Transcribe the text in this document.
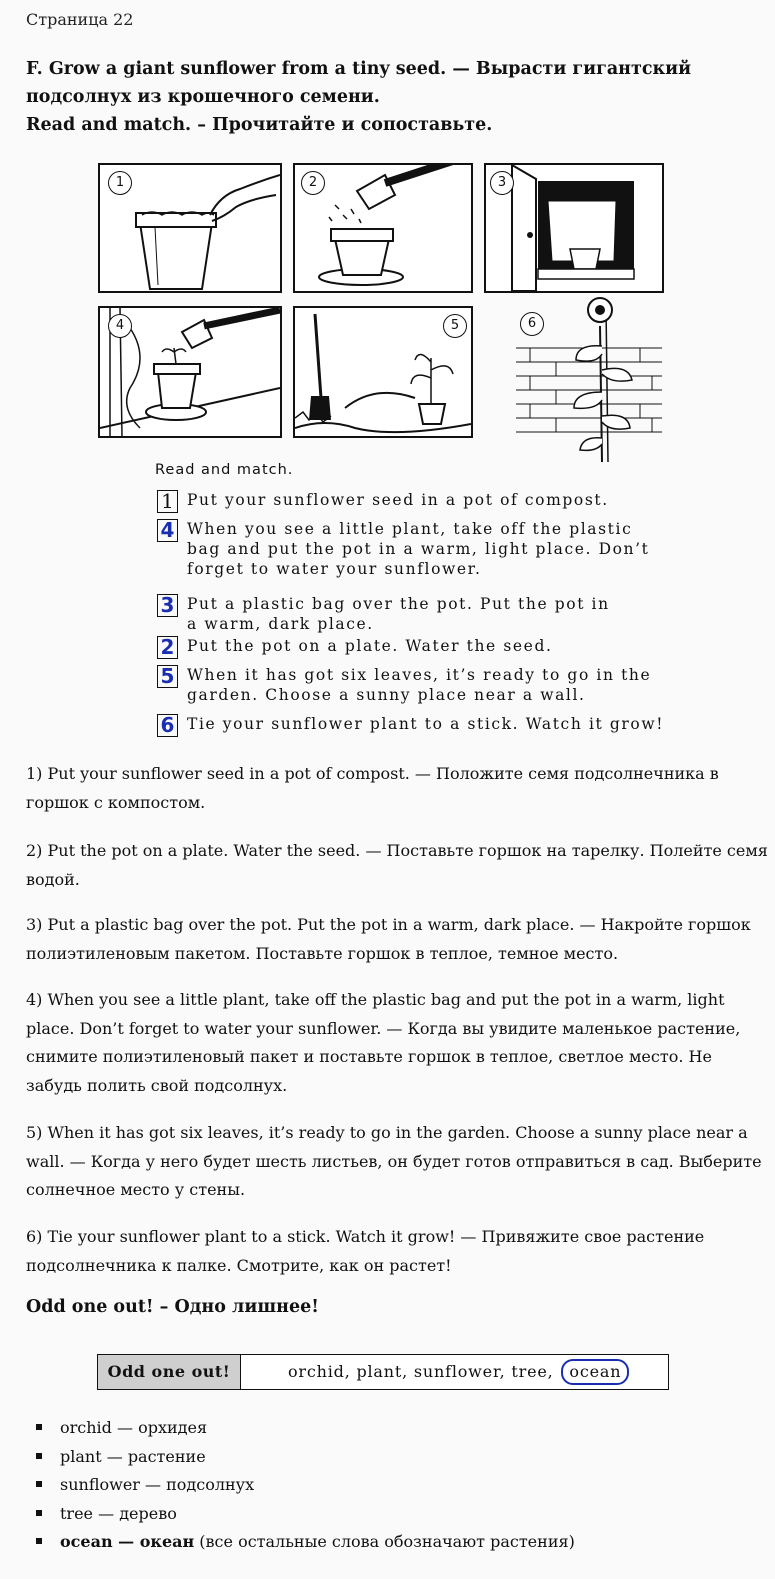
Страница 22
F. Grow a giant sunflower from a tiny seed. — Вырасти гигантский
подсолнух из крошечного семени.
Read and match. – Прочитайте и сопоставьте.
1	2	3
4	5	6
Read and match.
1 Put your sunflower seed in a pot of compost.
4 When you see a little plant, take off the plastic
bag and put the pot in a warm, light place. Don’t
forget to water your sunflower.
3 Put a plastic bag over the pot. Put the pot in
a warm, dark place.
2 Put the pot on a plate. Water the seed.
5 When it has got six leaves, it’s ready to go in the
garden. Choose a sunny place near a wall.
6 Tie your sunflower plant to a stick. Watch it grow!
1) Put your sunflower seed in a pot of compost. — Положите семя подсолнечника в
горшок с компостом.
2) Put the pot on a plate. Water the seed. — Поставьте горшок на тарелку. Полейте семя
водой.
3) Put a plastic bag over the pot. Put the pot in a warm, dark place. — Накройте горшок
полиэтиленовым пакетом. Поставьте горшок в теплое, темное место.
4) When you see a little plant, take off the plastic bag and put the pot in a warm, light
place. Don’t forget to water your sunflower. — Когда вы увидите маленькое растение,
снимите полиэтиленовый пакет и поставьте горшок в теплое, светлое место. Не
забудь полить свой подсолнух.
5) When it has got six leaves, it’s ready to go in the garden. Choose a sunny place near a
wall. — Когда у него будет шесть листьев, он будет готов отправиться в сад. Выберите
солнечное место у стены.
6) Tie your sunflower plant to a stick. Watch it grow! — Привяжите свое растение
подсолнечника к палке. Смотрите, как он растет!
Odd one out! – Одно лишнее!
Odd one out!	orchid, plant, sunflower, tree, ocean
orchid — орхидея
plant — растение
sunflower — подсолнух
tree — дерево
ocean — океан (все остальные слова обозначают растения)
